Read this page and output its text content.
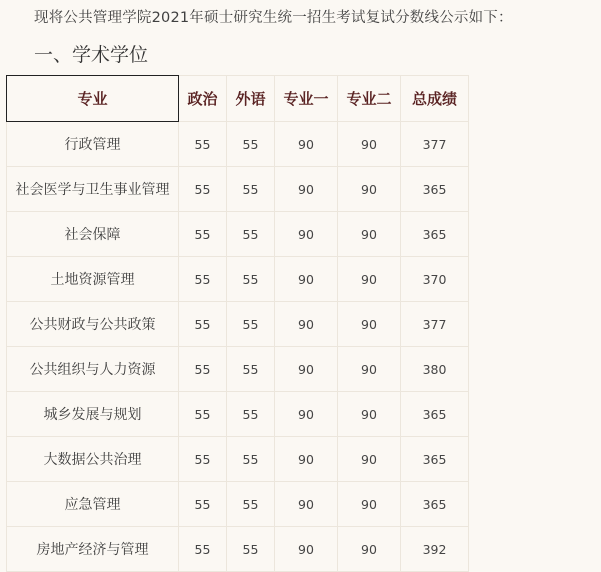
现将公共管理学院2021年硕士研究生统一招生考试复试分数线公示如下：
一、学术学位
专业	政治	外语	专业一	专业二	总成绩
行政管理	55	55	90	90	377
社会医学与卫生事业管理	55	55	90	90	365
社会保障	55	55	90	90	365
土地资源管理	55	55	90	90	370
公共财政与公共政策	55	55	90	90	377
公共组织与人力资源	55	55	90	90	380
城乡发展与规划	55	55	90	90	365
大数据公共治理	55	55	90	90	365
应急管理	55	55	90	90	365
房地产经济与管理	55	55	90	90	392
